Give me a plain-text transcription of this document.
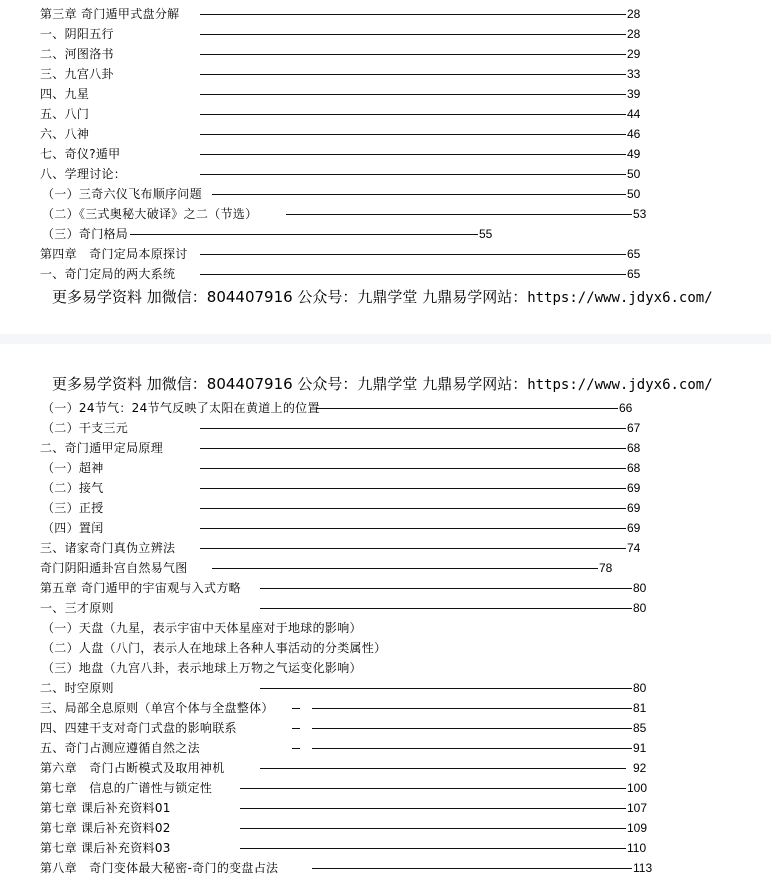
第三章 奇门遁甲式盘分解	28
一、阴阳五行	28
二、河图洛书	29
三、九宫八卦	33
四、九星	39
五、八门	44
六、八神	46
七、奇仪?遁甲	49
八、学理讨论：	50
（一）三奇六仪飞布顺序问题	50
（二）《三式奥秘大破译》之二（节选）	53
（三）奇门格局	55
第四章　奇门定局本原探讨	65
一、奇门定局的两大系统	65
更多易学资料 加微信：804407916 公众号：九鼎学堂 九鼎易学网站：https://www.jdyx6.com/
更多易学资料 加微信：804407916 公众号：九鼎学堂 九鼎易学网站：https://www.jdyx6.com/
（一）24节气：24节气反映了太阳在黄道上的位置	66
（二）干支三元	67
二、奇门遁甲定局原理	68
（一）超神	68
（二）接气	69
（三）正授	69
（四）置闰	69
三、诸家奇门真伪立辨法	74
奇门阴阳遁卦宫自然易气图	78
第五章 奇门遁甲的宇宙观与入式方略	80
一、三才原则	80
（一）天盘（九星，表示宇宙中天体星座对于地球的影响）
（二）人盘（八门，表示人在地球上各种人事活动的分类属性）
（三）地盘（九宫八卦，表示地球上万物之气运变化影响）
二、时空原则	80
三、局部全息原则（单宫个体与全盘整体）	81
四、四建干支对奇门式盘的影响联系	85
五、奇门占测应遵循自然之法	91
第六章　奇门占断模式及取用神机	92
第七章　信息的广谱性与锁定性	100
第七章 课后补充资料01	107
第七章 课后补充资料02	109
第七章 课后补充资料03	110
第八章　奇门变体最大秘密-奇门的变盘占法	113
